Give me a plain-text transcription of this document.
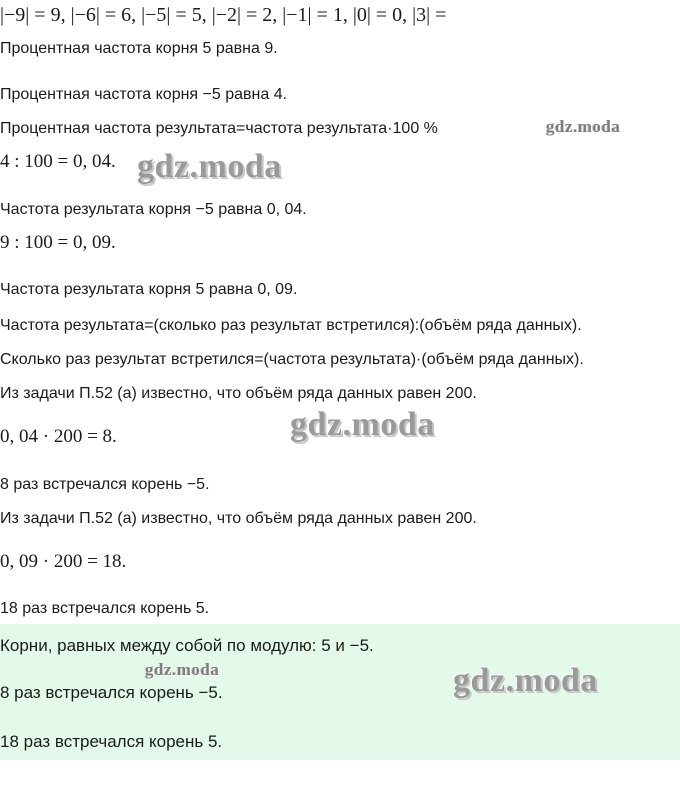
|−9| = 9, |−6| = 6, |−5| = 5, |−2| = 2, |−1| = 1, |0| = 0, |3| =
Процентная частота корня 5 равна 9.
Процентная частота корня −5 равна 4.
Процентная частота результата=частота результата·100 %
4 : 100 = 0, 04.
Частота результата корня −5 равна 0, 04.
9 : 100 = 0, 09.
Частота результата корня 5 равна 0, 09.
Частота результата=(сколько раз результат встретился):(объём ряда данных).
Сколько раз результат встретился=(частота результата)·(объём ряда данных).
Из задачи П.52 (а) известно, что объём ряда данных равен 200.
0, 04 · 200 = 8.
8 раз встречался корень −5.
Из задачи П.52 (а) известно, что объём ряда данных равен 200.
0, 09 · 200 = 18.
18 раз встречался корень 5.
Корни, равных между собой по модулю: 5 и −5.
8 раз встречался корень −5.
18 раз встречался корень 5.
gdz.moda
gdz.moda
gdz.moda
gdz.moda	gdz.moda
